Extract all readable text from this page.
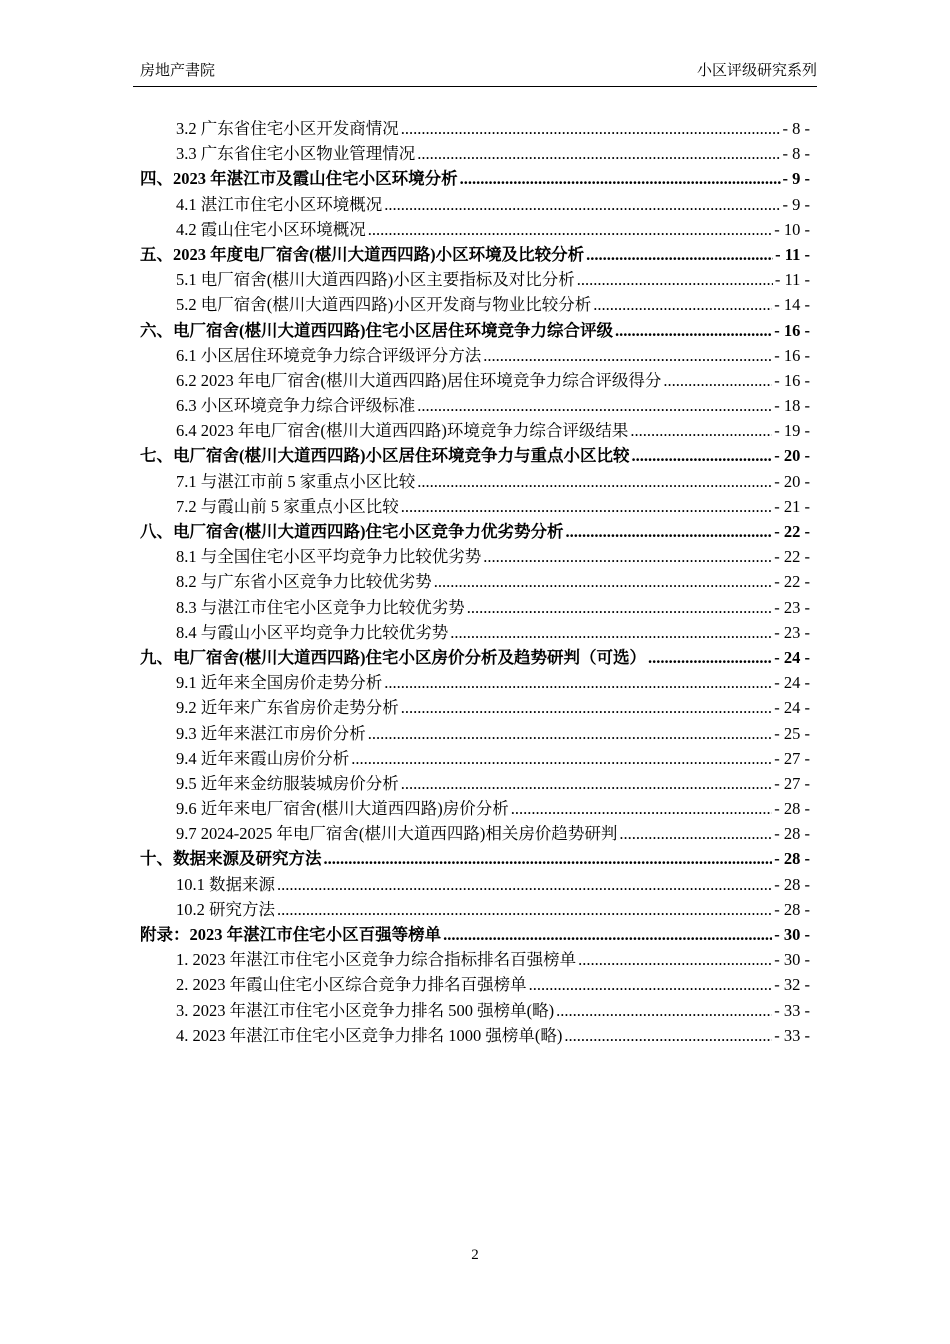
房地产書院	小区评级研究系列
3.2 广东省住宅小区开发商情况 .....	- 8 -
3.3 广东省住宅小区物业管理情况 .....	- 8 -
四、2023 年湛江市及霞山住宅小区环境分析 .....	- 9 -
4.1 湛江市住宅小区环境概况 .....	- 9 -
4.2 霞山住宅小区环境概况 .....	- 10 -
五、2023 年度电厂宿舍(椹川大道西四路)小区环境及比较分析 .....	- 11 -
5.1 电厂宿舍(椹川大道西四路)小区主要指标及对比分析 .....	- 11 -
5.2 电厂宿舍(椹川大道西四路)小区开发商与物业比较分析 .....	- 14 -
六、电厂宿舍(椹川大道西四路)住宅小区居住环境竞争力综合评级 .....	- 16 -
6.1 小区居住环境竞争力综合评级评分方法 .....	- 16 -
6.2 2023 年电厂宿舍(椹川大道西四路)居住环境竞争力综合评级得分 .....	- 16 -
6.3 小区环境竞争力综合评级标准 .....	- 18 -
6.4 2023 年电厂宿舍(椹川大道西四路)环境竞争力综合评级结果 .....	- 19 -
七、电厂宿舍(椹川大道西四路)小区居住环境竞争力与重点小区比较 .....	- 20 -
7.1 与湛江市前 5 家重点小区比较 .....	- 20 -
7.2 与霞山前 5 家重点小区比较 .....	- 21 -
八、电厂宿舍(椹川大道西四路)住宅小区竞争力优劣势分析 .....	- 22 -
8.1 与全国住宅小区平均竞争力比较优劣势 .....	- 22 -
8.2 与广东省小区竞争力比较优劣势 .....	- 22 -
8.3 与湛江市住宅小区竞争力比较优劣势 .....	- 23 -
8.4 与霞山小区平均竞争力比较优劣势 .....	- 23 -
九、电厂宿舍(椹川大道西四路)住宅小区房价分析及趋势研判（可选） .....	- 24 -
9.1 近年来全国房价走势分析 .....	- 24 -
9.2 近年来广东省房价走势分析 .....	- 24 -
9.3 近年来湛江市房价分析 .....	- 25 -
9.4 近年来霞山房价分析 .....	- 27 -
9.5 近年来金纺服装城房价分析 .....	- 27 -
9.6 近年来电厂宿舍(椹川大道西四路)房价分析 .....	- 28 -
9.7 2024-2025 年电厂宿舍(椹川大道西四路)相关房价趋势研判 .....	- 28 -
十、数据来源及研究方法 .....	- 28 -
10.1 数据来源 .....	- 28 -
10.2 研究方法 .....	- 28 -
附录：2023 年湛江市住宅小区百强等榜单 .....	- 30 -
1. 2023 年湛江市住宅小区竞争力综合指标排名百强榜单 .....	- 30 -
2. 2023 年霞山住宅小区综合竞争力排名百强榜单 .....	- 32 -
3. 2023 年湛江市住宅小区竞争力排名 500 强榜单(略) .....	- 33 -
4. 2023 年湛江市住宅小区竞争力排名 1000 强榜单(略) .....	- 33 -
2
